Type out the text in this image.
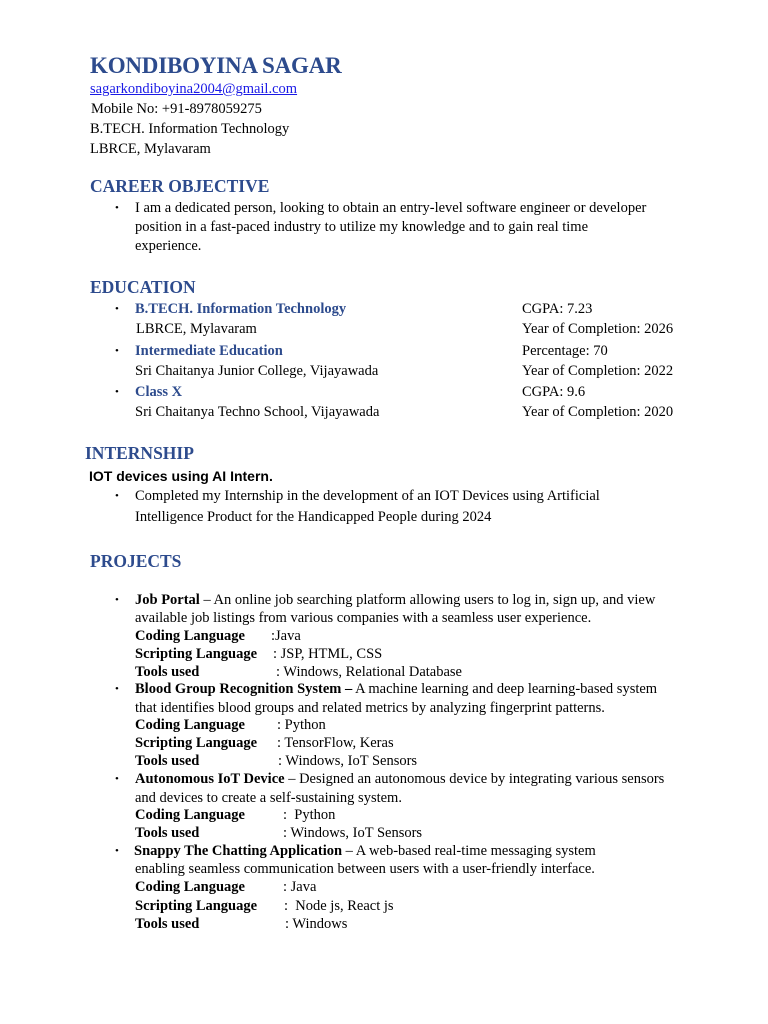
KONDIBOYINA SAGAR
sagarkondiboyina2004@gmail.com
Mobile No: +91-8978059275
B.TECH. Information Technology
LBRCE, Mylavaram
CAREER OBJECTIVE
• I am a dedicated person, looking to obtain an entry-level software engineer or developer
position in a fast-paced industry to utilize my knowledge and to gain real time
experience.
EDUCATION
• B.TECH. Information Technology	CGPA: 7.23
LBRCE, Mylavaram	Year of Completion: 2026
• Intermediate Education	Percentage: 70
Sri Chaitanya Junior College, Vijayawada	Year of Completion: 2022
• Class X	CGPA: 9.6
Sri Chaitanya Techno School, Vijayawada	Year of Completion: 2020
INTERNSHIP
IOT devices using AI Intern.
• Completed my Internship in the development of an IOT Devices using Artificial
Intelligence Product for the Handicapped People during 2024
PROJECTS
• Job Portal – An online job searching platform allowing users to log in, sign up, and view
available job listings from various companies with a seamless user experience.
Coding Language :Java
Scripting Language : JSP, HTML, CSS
Tools used	: Windows, Relational Database
• Blood Group Recognition System – A machine learning and deep learning-based system
that identifies blood groups and related metrics by analyzing fingerprint patterns.
Coding Language : Python
Scripting Language : TensorFlow, Keras
Tools used	: Windows, IoT Sensors
• Autonomous IoT Device – Designed an autonomous device by integrating various sensors
and devices to create a self-sustaining system.
Coding Language	:  Python
Tools used	: Windows, IoT Sensors
• Snappy The Chatting Application – A web-based real-time messaging system
enabling seamless communication between users with a user-friendly interface.
Coding Language	: Java
Scripting Language :  Node js, React js
Tools used	: Windows
